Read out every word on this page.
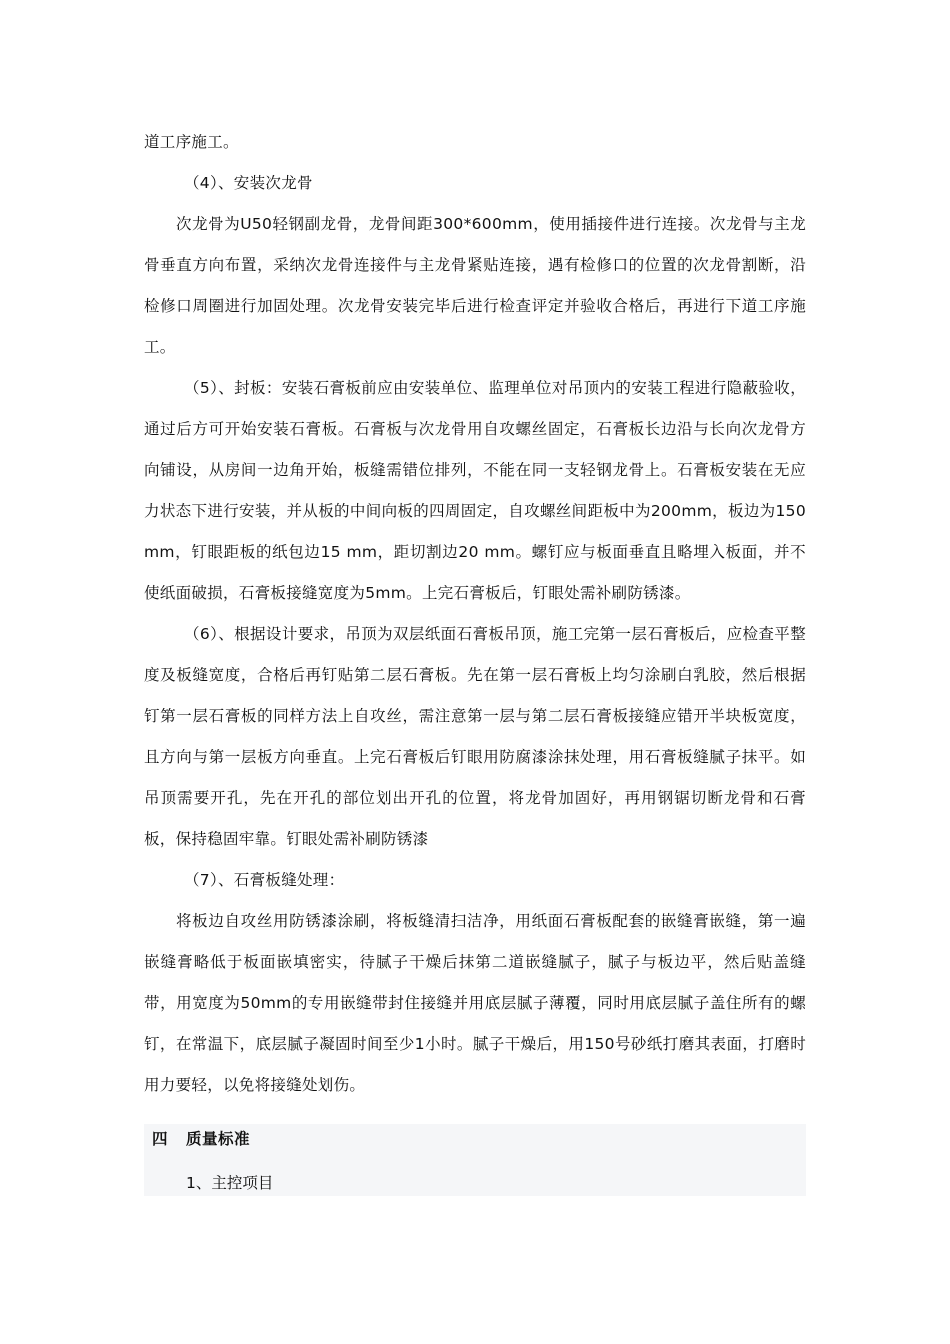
道工序施工。

（4）、安装次龙骨

次龙骨为U50轻钢副龙骨，龙骨间距300*600mm，使用插接件进行连接。次龙骨与主龙骨垂直方向布置，采纳次龙骨连接件与主龙骨紧贴连接，遇有检修口的位置的次龙骨割断，沿检修口周圈进行加固处理。次龙骨安装完毕后进行检查评定并验收合格后，再进行下道工序施工。

（5）、封板：安装石膏板前应由安装单位、监理单位对吊顶内的安装工程进行隐蔽验收，通过后方可开始安装石膏板。石膏板与次龙骨用自攻螺丝固定，石膏板长边沿与长向次龙骨方向铺设，从房间一边角开始，板缝需错位排列，不能在同一支轻钢龙骨上。石膏板安装在无应力状态下进行安装，并从板的中间向板的四周固定，自攻螺丝间距板中为200mm，板边为150 mm，钉眼距板的纸包边15 mm，距切割边20 mm。螺钉应与板面垂直且略埋入板面，并不使纸面破损，石膏板接缝宽度为5mm。上完石膏板后，钉眼处需补刷防锈漆。

（6）、根据设计要求，吊顶为双层纸面石膏板吊顶，施工完第一层石膏板后，应检查平整度及板缝宽度，合格后再钉贴第二层石膏板。先在第一层石膏板上均匀涂刷白乳胶，然后根据钉第一层石膏板的同样方法上自攻丝，需注意第一层与第二层石膏板接缝应错开半块板宽度，且方向与第一层板方向垂直。上完石膏板后钉眼用防腐漆涂抹处理，用石膏板缝腻子抹平。如吊顶需要开孔，先在开孔的部位划出开孔的位置，将龙骨加固好，再用钢锯切断龙骨和石膏板，保持稳固牢靠。钉眼处需补刷防锈漆

（7）、石膏板缝处理：

将板边自攻丝用防锈漆涂刷，将板缝清扫洁净，用纸面石膏板配套的嵌缝膏嵌缝，第一遍嵌缝膏略低于板面嵌填密实，待腻子干燥后抹第二道嵌缝腻子，腻子与板边平，然后贴盖缝带，用宽度为50mm的专用嵌缝带封住接缝并用底层腻子薄覆，同时用底层腻子盖住所有的螺钉，在常温下，底层腻子凝固时间至少1小时。腻子干燥后，用150号砂纸打磨其表面，打磨时用力要轻，以免将接缝处划伤。

四 质量标准
1、主控项目
